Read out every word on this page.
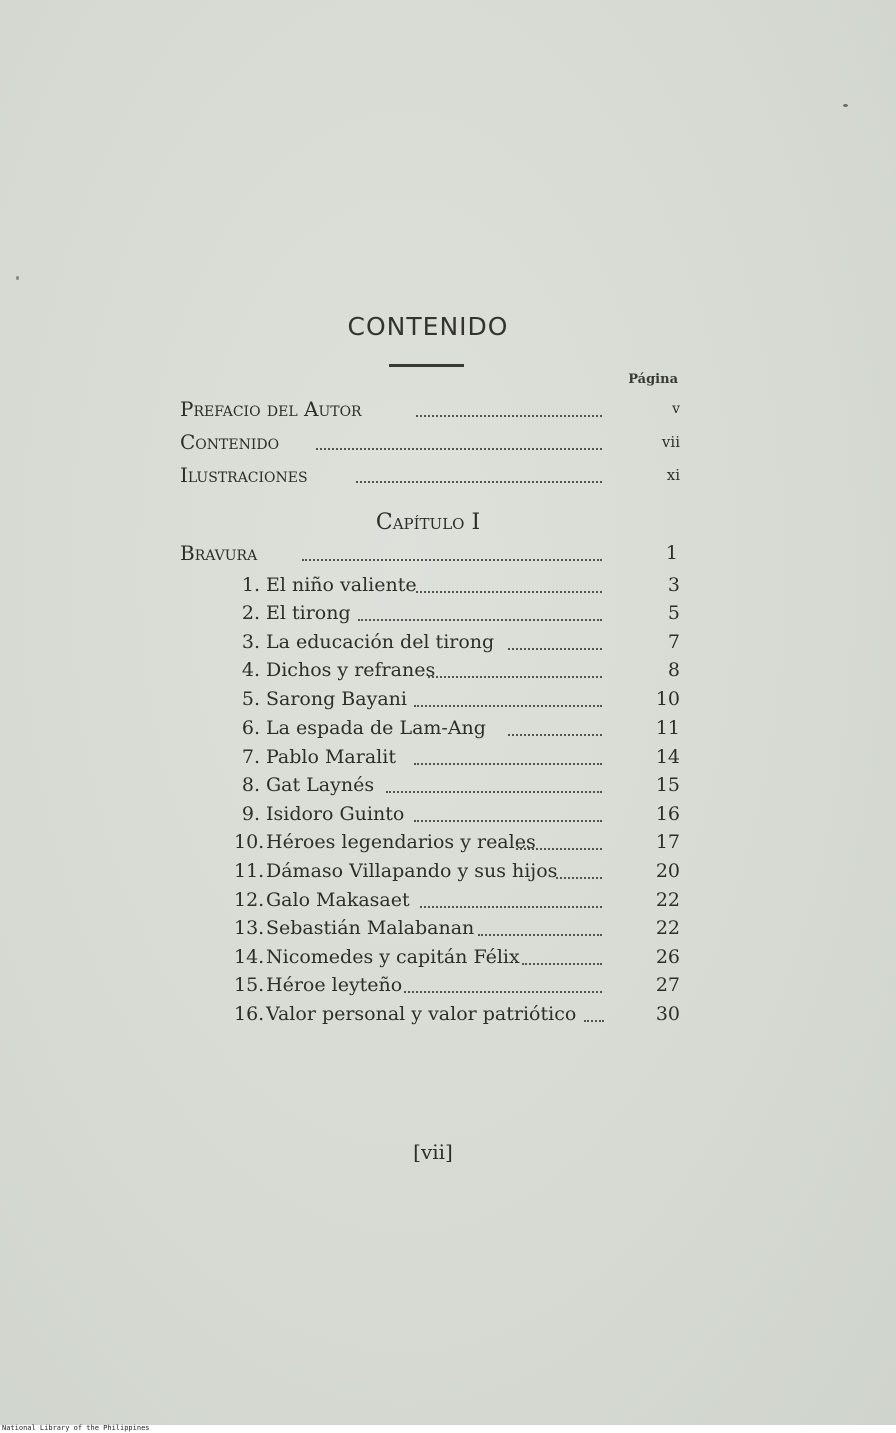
CONTENIDO
Página
Prefacio del Autor	v
Contenido	vii
Ilustraciones	xi
Capítulo I
Bravura	1
1. El niño valiente	3
2. El tirong	5
3. La educación del tirong	7
4. Dichos y refranes	8
5. Sarong Bayani	10
6. La espada de Lam-Ang	11
7. Pablo Maralit	14
8. Gat Laynés	15
9. Isidoro Guinto	16
10. Héroes legendarios y reales	17
11. Dámaso Villapando y sus hijos	20
12. Galo Makasaet	22
13. Sebastián Malabanan	22
14. Nicomedes y capitán Félix	26
15. Héroe leyteño	27
16. Valor personal y valor patriótico	30
[vii]
National Library of the Philippines
